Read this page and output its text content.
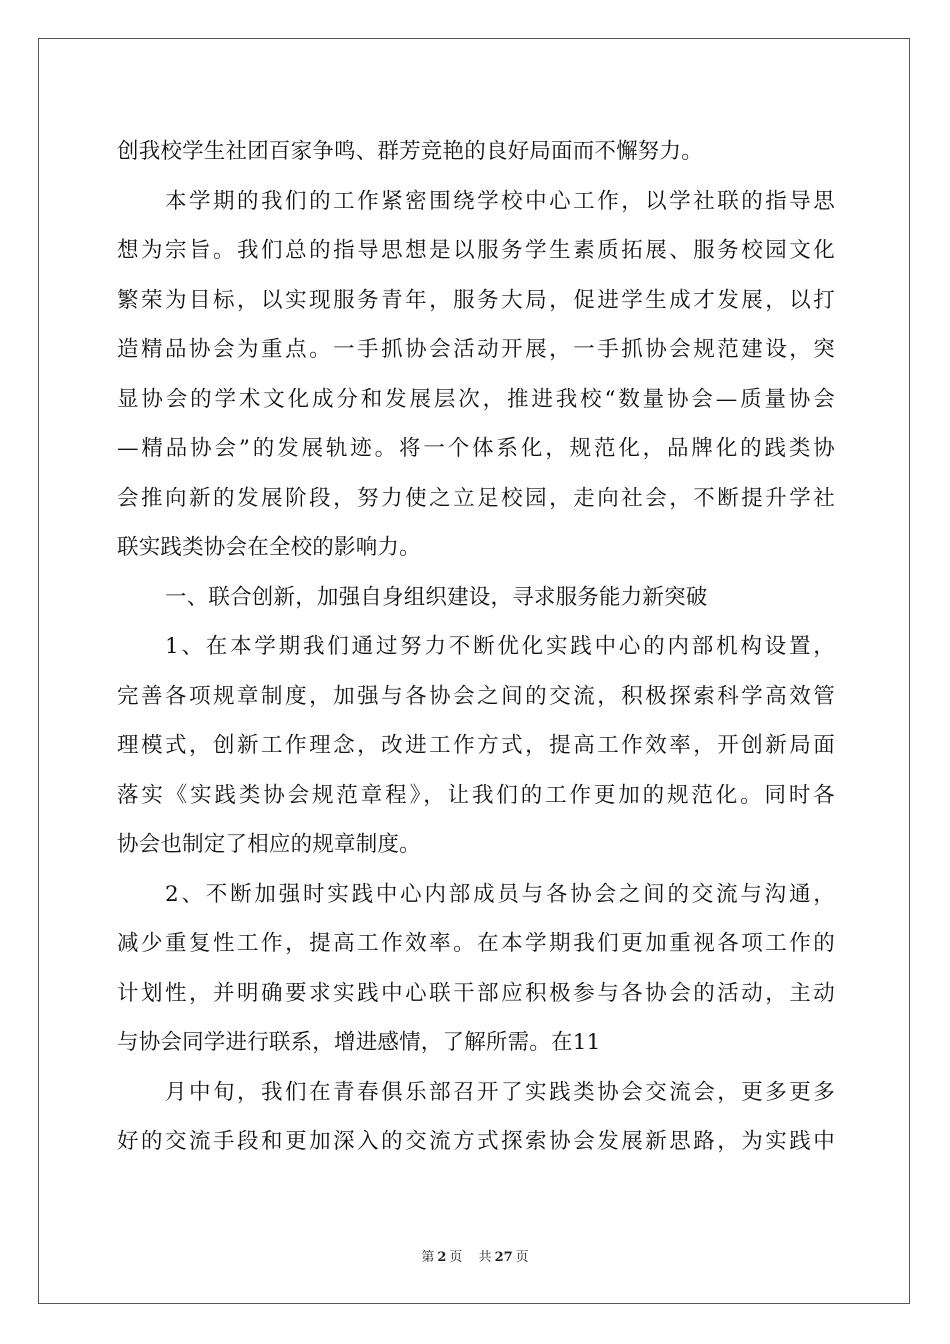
创我校学生社团百家争鸣、群芳竞艳的良好局面而不懈努力。
本学期的我们的工作紧密围绕学校中心工作，以学社联的指导思
想为宗旨。我们总的指导思想是以服务学生素质拓展、服务校园文化
繁荣为目标，以实现服务青年，服务大局，促进学生成才发展，以打
造精品协会为重点。一手抓协会活动开展，一手抓协会规范建设，突
显协会的学术文化成分和发展层次，推进我校“数量协会—质量协会
—精品协会”的发展轨迹。将一个体系化，规范化，品牌化的践类协
会推向新的发展阶段，努力使之立足校园，走向社会，不断提升学社
联实践类协会在全校的影响力。
一、联合创新，加强自身组织建设，寻求服务能力新突破
1、在本学期我们通过努力不断优化实践中心的内部机构设置，
完善各项规章制度，加强与各协会之间的交流，积极探索科学高效管
理模式，创新工作理念，改进工作方式，提高工作效率，开创新局面
落实《实践类协会规范章程》，让我们的工作更加的规范化。同时各
协会也制定了相应的规章制度。
2、不断加强时实践中心内部成员与各协会之间的交流与沟通，
减少重复性工作，提高工作效率。在本学期我们更加重视各项工作的
计划性，并明确要求实践中心联干部应积极参与各协会的活动，主动
与协会同学进行联系，增进感情，了解所需。在11
月中旬，我们在青春俱乐部召开了实践类协会交流会，更多更多
好的交流手段和更加深入的交流方式探索协会发展新思路，为实践中
第 2 页 共 27 页
